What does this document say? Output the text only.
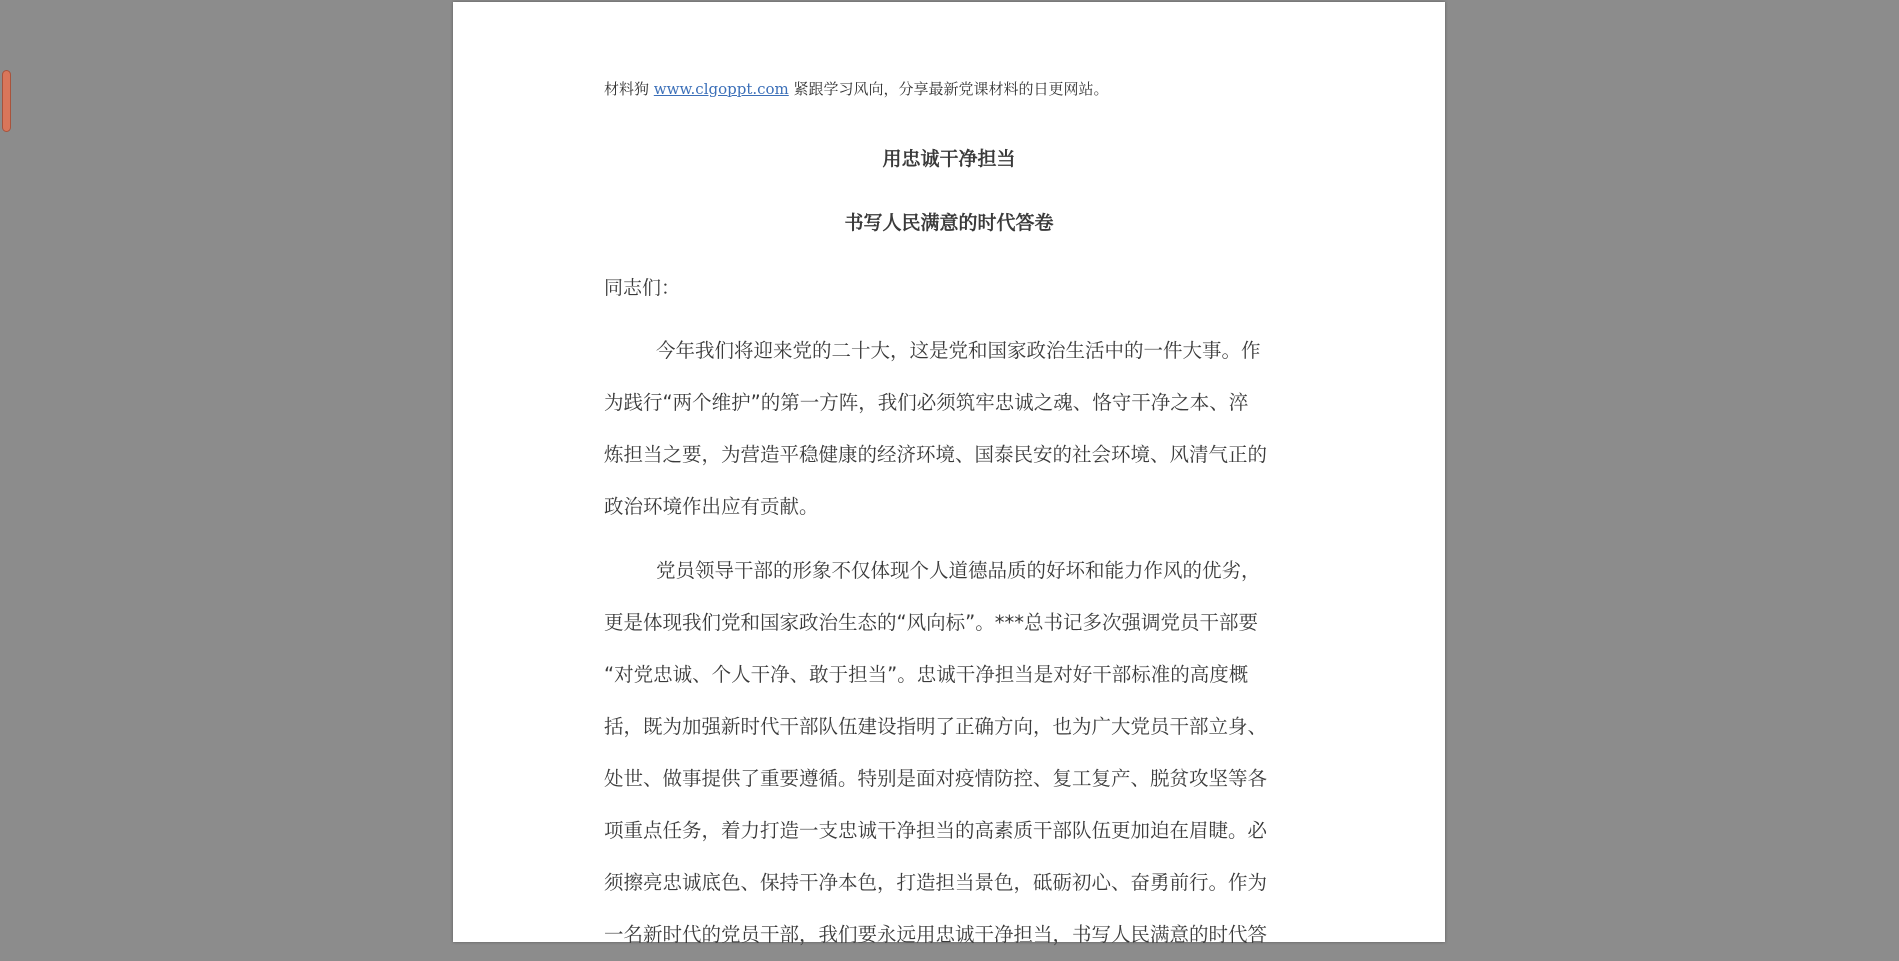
材料狗 www.clgoppt.com 紧跟学习风向，分享最新党课材料的日更网站。
用忠诚干净担当
书写人民满意的时代答卷
同志们：
今年我们将迎来党的二十大，这是党和国家政治生活中的一件大事。作
为践行“两个维护”的第一方阵，我们必须筑牢忠诚之魂、恪守干净之本、淬
炼担当之要，为营造平稳健康的经济环境、国泰民安的社会环境、风清气正的
政治环境作出应有贡献。
党员领导干部的形象不仅体现个人道德品质的好坏和能力作风的优劣，
更是体现我们党和国家政治生态的“风向标”。***总书记多次强调党员干部要
“对党忠诚、个人干净、敢于担当”。忠诚干净担当是对好干部标准的高度概
括，既为加强新时代干部队伍建设指明了正确方向，也为广大党员干部立身、
处世、做事提供了重要遵循。特别是面对疫情防控、复工复产、脱贫攻坚等各
项重点任务，着力打造一支忠诚干净担当的高素质干部队伍更加迫在眉睫。必
须擦亮忠诚底色、保持干净本色，打造担当景色，砥砺初心、奋勇前行。作为
一名新时代的党员干部，我们要永远用忠诚干净担当，书写人民满意的时代答
